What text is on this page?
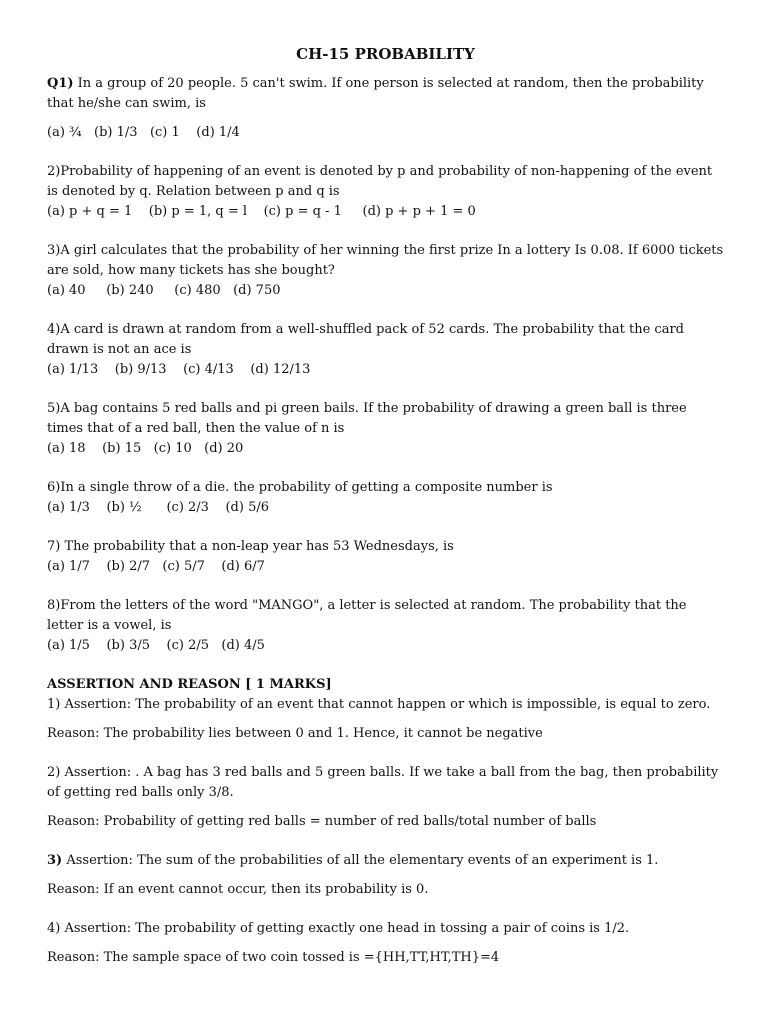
CH-15 PROBABILITY

Q1) In a group of 20 people. 5 can't swim. If one person is selected at random, then the probability that he/she can swim, is

(a) ¾   (b) 1/3   (c) 1    (d) 1/4

2)Probability of happening of an event is denoted by p and probability of non-happening of the event is denoted by q. Relation between p and q is

(a) p + q = 1    (b) p = 1, q = l    (c) p = q - 1     (d) p + p + 1 = 0

3)A girl calculates that the probability of her winning the first prize In a lottery Is 0.08. If 6000 tickets are sold, how many tickets has she bought?

(a) 40     (b) 240     (c) 480   (d) 750

4)A card is drawn at random from a well-shuffled pack of 52 cards. The probability that the card drawn is not an ace is

(a) 1/13    (b) 9/13    (c) 4/13    (d) 12/13

5)A bag contains 5 red balls and pi green bails. If the probability of drawing a green ball is three times that of a red ball, then the value of n is

(a) 18    (b) 15   (c) 10   (d) 20

6)In a single throw of a die. the probability of getting a composite number is

(a) 1/3    (b) ½      (c) 2/3    (d) 5/6

7) The probability that a non-leap year has 53 Wednesdays, is

(a) 1/7    (b) 2/7   (c) 5/7    (d) 6/7

8)From the letters of the word "MANGO", a letter is selected at random. The probability that the letter is a vowel, is

(a) 1/5    (b) 3/5    (c) 2/5   (d) 4/5

ASSERTION AND REASON [ 1 MARKS]

1) Assertion: The probability of an event that cannot happen or which is impossible, is equal to zero.

Reason: The probability lies between 0 and 1. Hence, it cannot be negative

2) Assertion: . A bag has 3 red balls and 5 green balls. If we take a ball from the bag, then probability of getting red balls only 3/8.

Reason: Probability of getting red balls = number of red balls/total number of balls

3) Assertion: The sum of the probabilities of all the elementary events of an experiment is 1.

Reason: If an event cannot occur, then its probability is 0.

4) Assertion: The probability of getting exactly one head in tossing a pair of coins is 1/2.

Reason: The sample space of two coin tossed is ={HH,TT,HT,TH}=4
